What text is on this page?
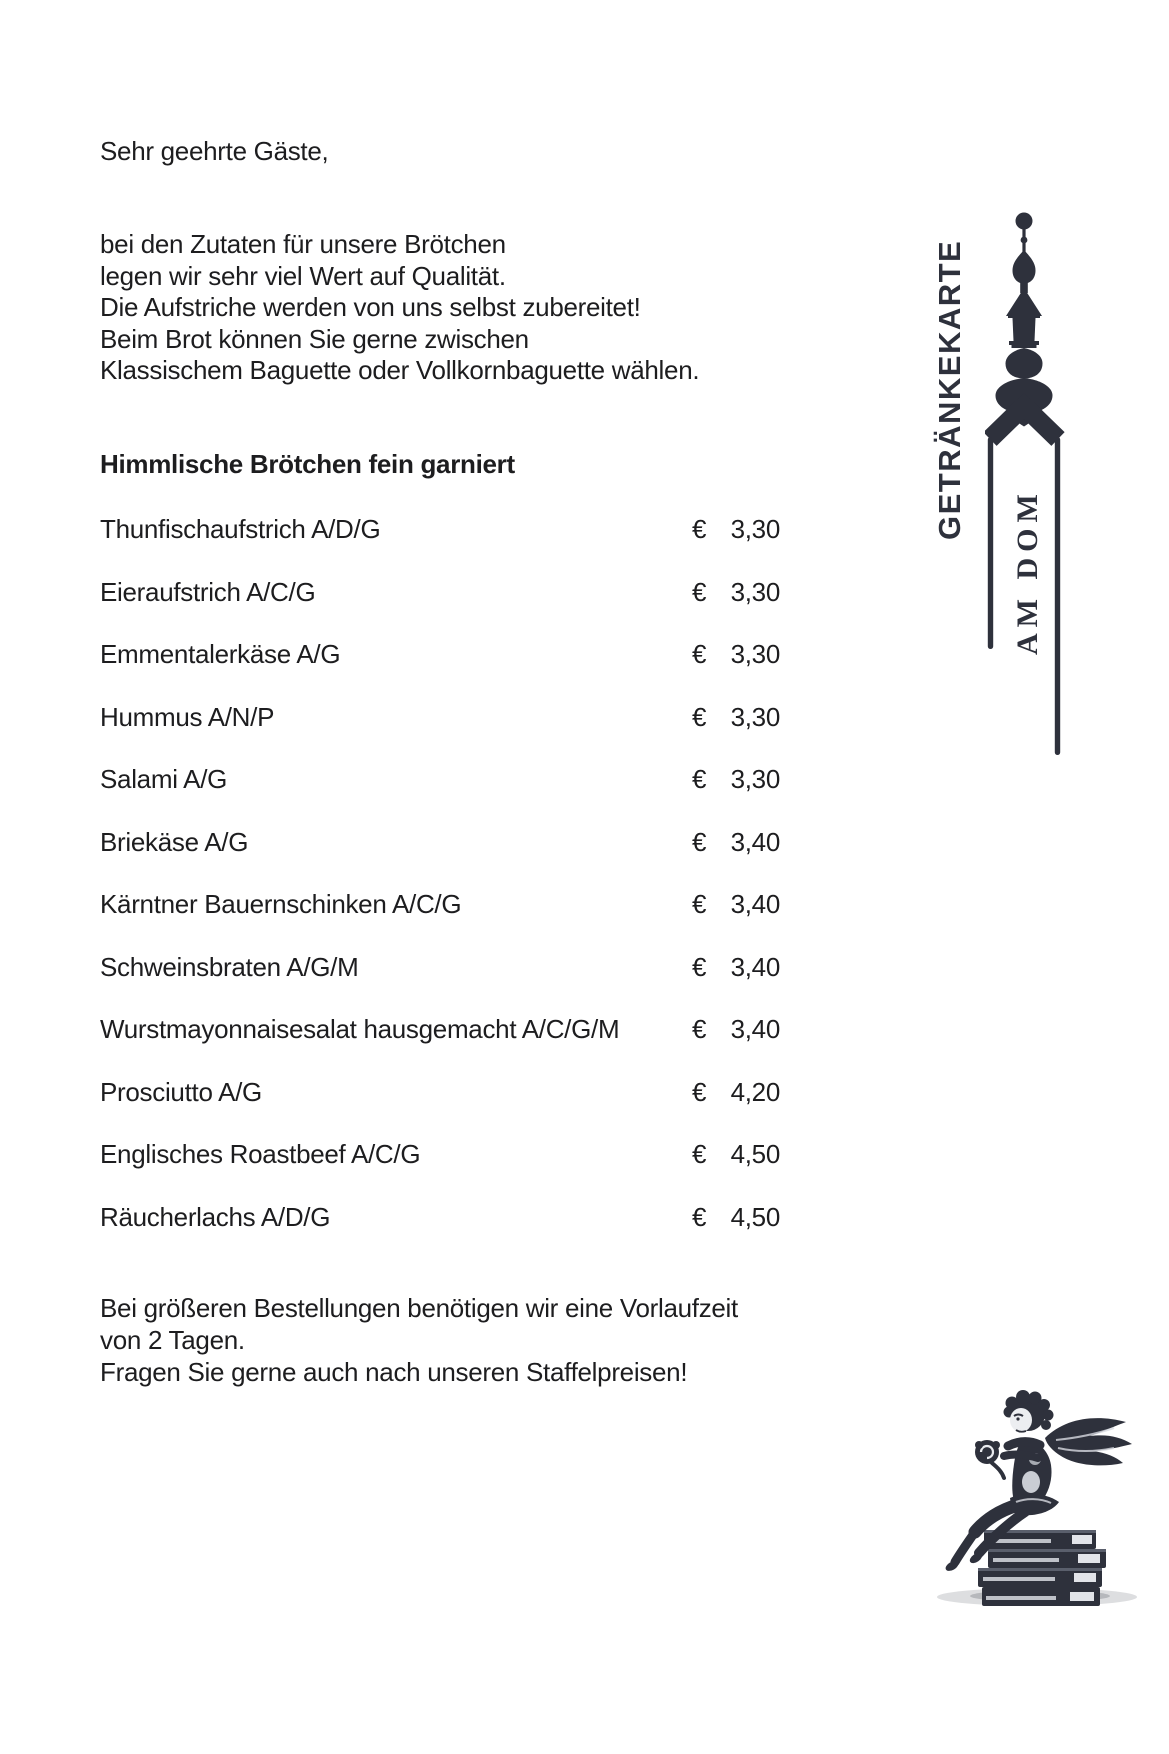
Sehr geehrte Gäste,
bei den Zutaten für unsere Brötchen
legen wir sehr viel Wert auf Qualität.
Die Aufstriche werden von uns selbst zubereitet!
Beim Brot können Sie gerne zwischen
Klassischem Baguette oder Vollkornbaguette wählen.
Himmlische Brötchen fein garniert
Thunfischaufstrich A/D/G	€ 3,30
Eieraufstrich A/C/G	€ 3,30
Emmentalerkäse A/G	€ 3,30
Hummus A/N/P	€ 3,30
Salami A/G	€ 3,30
Briekäse A/G	€ 3,40
Kärntner Bauernschinken A/C/G	€ 3,40
Schweinsbraten A/G/M	€ 3,40
Wurstmayonnaisesalat hausgemacht A/C/G/M	€ 3,40
Prosciutto A/G	€ 4,20
Englisches Roastbeef A/C/G	€ 4,50
Räucherlachs A/D/G	€ 4,50
Bei größeren Bestellungen benötigen wir eine Vorlaufzeit
von 2 Tagen.
Fragen Sie gerne auch nach unseren Staffelpreisen!
GETRÄNKEKARTE
AM DOM
